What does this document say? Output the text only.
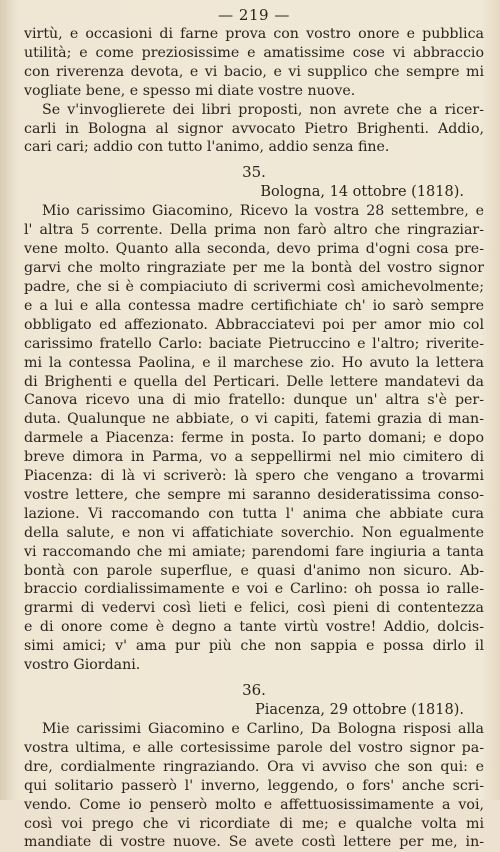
— 219 —
virtù, e occasioni di farne prova con vostro onore e pubblica
utilità; e come preziosissime e amatissime cose vi abbraccio
con riverenza devota, e vi bacio, e vi supplico che sempre mi
vogliate bene, e spesso mi diate vostre nuove.
Se v'invoglierete dei libri proposti, non avrete che a ricer-
carli in Bologna al signor avvocato Pietro Brighenti. Addio,
cari cari; addio con tutto l'animo, addio senza fine.
35.
Bologna, 14 ottobre (1818).
Mio carissimo Giacomino, Ricevo la vostra 28 settembre, e
l' altra 5 corrente. Della prima non farò altro che ringraziar-
vene molto. Quanto alla seconda, devo prima d'ogni cosa pre-
garvi che molto ringraziate per me la bontà del vostro signor
padre, che si è compiaciuto di scrivermi così amichevolmente;
e a lui e alla contessa madre certifichiate ch' io sarò sempre
obbligato ed affezionato. Abbracciatevi poi per amor mio col
carissimo fratello Carlo: baciate Pietruccino e l'altro; riverite-
mi la contessa Paolina, e il marchese zio. Ho avuto la lettera
di Brighenti e quella del Perticari. Delle lettere mandatevi da
Canova ricevo una di mio fratello: dunque un' altra s'è per-
duta. Qualunque ne abbiate, o vi capiti, fatemi grazia di man-
darmele a Piacenza: ferme in posta. Io parto domani; e dopo
breve dimora in Parma, vo a seppellirmi nel mio cimitero di
Piacenza: di là vi scriverò: là spero che vengano a trovarmi
vostre lettere, che sempre mi saranno desideratissima conso-
lazione. Vi raccomando con tutta l' anima che abbiate cura
della salute, e non vi affatichiate soverchio. Non egualmente
vi raccomando che mi amiate; parendomi fare ingiuria a tanta
bontà con parole superflue, e quasi d'animo non sicuro. Ab-
braccio cordialissimamente e voi e Carlino: oh possa io ralle-
grarmi di vedervi così lieti e felici, così pieni di contentezza
e di onore come è degno a tante virtù vostre! Addio, dolcis-
simi amici; v' ama pur più che non sappia e possa dirlo il
vostro Giordani.
36.
Piacenza, 29 ottobre (1818).
Mie carissimi Giacomino e Carlino, Da Bologna risposi alla
vostra ultima, e alle cortesissime parole del vostro signor pa-
dre, cordialmente ringraziando. Ora vi avviso che son qui: e
qui solitario passerò l' inverno, leggendo, o fors' anche scri-
vendo. Come io penserò molto e affettuosissimamente a voi,
così voi prego che vi ricordiate di me; e qualche volta mi
mandiate di vostre nuove. Se avete costì lettere per me, in-
